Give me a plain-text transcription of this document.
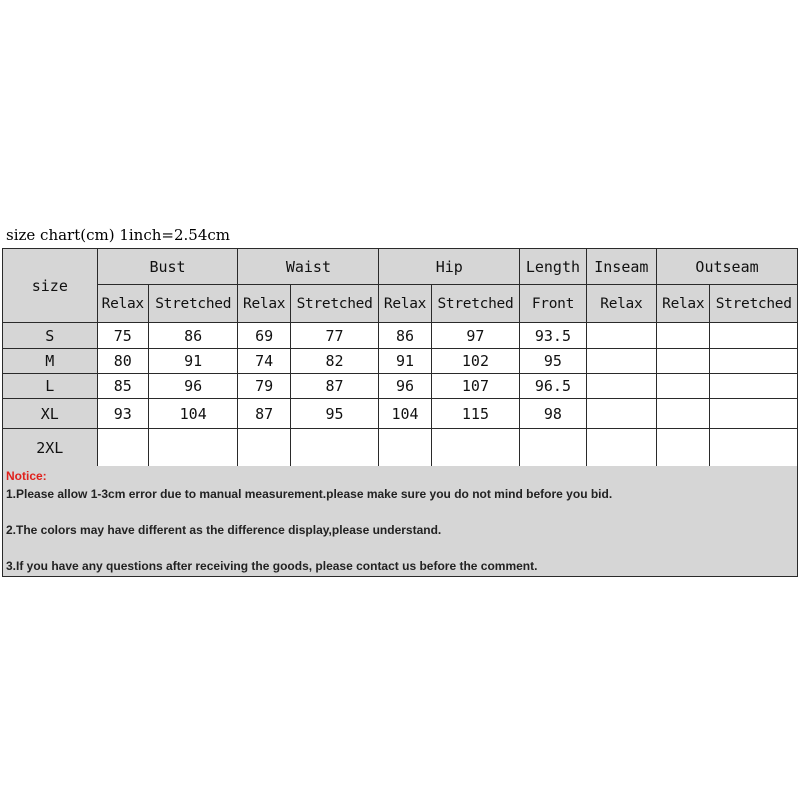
size chart(cm) 1inch=2.54cm
size	Bust		Waist		Hip		Length	Inseam	Outseam	
	Relax	Stretched	Relax	Stretched	Relax	Stretched	Front	Relax	Relax	Stretched
S	75	86	69	77	86	97	93.5			
M	80	91	74	82	91	102	95			
L	85	96	79	87	96	107	96.5			
XL	93	104	87	95	104	115	98			
2XL										
Notice:
1.Please allow 1-3cm error due to manual measurement.please make sure you do not mind before you bid.
2.The colors may have different as the difference display,please understand.
3.If you have any questions after receiving the goods, please contact us before the comment.
